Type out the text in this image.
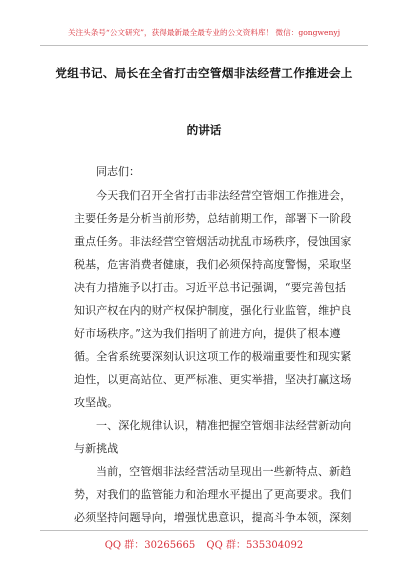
关注头条号“公文研究”，获得最新最全最专业的公文资料库！ 微信：gongwenyj
党组书记、局长在全省打击空管烟非法经营工作推进会上
的讲话
同志们：
今天我们召开全省打击非法经营空管烟工作推进会，
主要任务是分析当前形势，总结前期工作，部署下一阶段
重点任务。非法经营空管烟活动扰乱市场秩序，侵蚀国家
税基，危害消费者健康，我们必须保持高度警惕，采取坚
决有力措施予以打击。习近平总书记强调，“要完善包括
知识产权在内的财产权保护制度，强化行业监管，维护良
好市场秩序。”这为我们指明了前进方向，提供了根本遵
循。全省系统要深刻认识这项工作的极端重要性和现实紧
迫性，以更高站位、更严标准、更实举措，坚决打赢这场
攻坚战。
一、深化规律认识，精准把握空管烟非法经营新动向
与新挑战
当前，空管烟非法经营活动呈现出一些新特点、新趋
势，对我们的监管能力和治理水平提出了更高要求。我们
必须坚持问题导向，增强忧患意识，提高斗争本领，深刻
QQ 群：30265665 QQ 群：535304092
